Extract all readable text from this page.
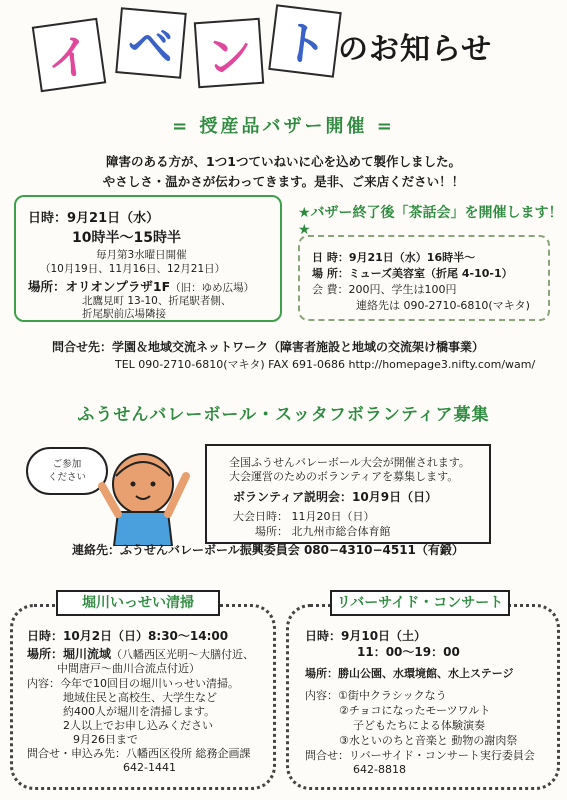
イ ベ ン ト のお知らせ
= 授産品バザー開催 =
障害のある方が、1つ1つていねいに心を込めて製作しました。
やさしさ・温かさが伝わってきます。是非、ご来店ください！！
日時：9月21日（水）
10時半～15時半
毎月第3水曜日開催
（10月19日、11月16日、12月21日）
場所：オリオンプラザ1F（旧：ゆめ広場）
北鷹見町 13-10、折尾駅者側、
折尾駅前広場隣接
★バザー終了後「茶話会」を開催します！★
日 時：9月21日（水）16時半～
場 所：ミューズ美容室（折尾 4-10-1）
会 費：200円、学生は100円
連絡先は 090-2710-6810(マキタ)
問合せ先：学園＆地域交流ネットワーク（障害者施設と地域の交流架け橋事業）
TEL 090-2710-6810(マキタ) FAX 691-0686 http://homepage3.nifty.com/wam/
ふうせんバレーボール・スッタフボランティア募集
ご参加
ください
全国ふうせんバレーボール大会が開催されます。
大会運営のためのボランティアを募集します。
ボランティア説明会：10月9日（日）
大会日時： 11月20日（日）
場所： 北九州市総合体育館
連絡先：ふうせんバレーボール振興委員会 080−4310−4511（有鍛）
日時：10月2日（日）8:30～14:00
場所：堀川流域（八幡西区光明～大膳付近、
中間唐戸～曲川合流点付近）
内容：今年で10回目の堀川いっせい清掃。
地域住民と高校生、大学生など
約400人が堀川を清掃します。
2人以上でお申し込みください
9月26日まで
問合せ・申込み先：八幡西区役所 総務企画課
642-1441
堀川いっせい清掃
日時：9月10日（土）
11：00～19：00
場所：勝山公園、水環境館、水上ステージ
内容：①街中クラシックなう
②チョコになったモーツワルト
子どもたちによる体験演奏
③水といのちと音楽と 動物の謝肉祭
問合せ：リバーサイド・コンサート実行委員会
642-8818
リバーサイド・コンサート
